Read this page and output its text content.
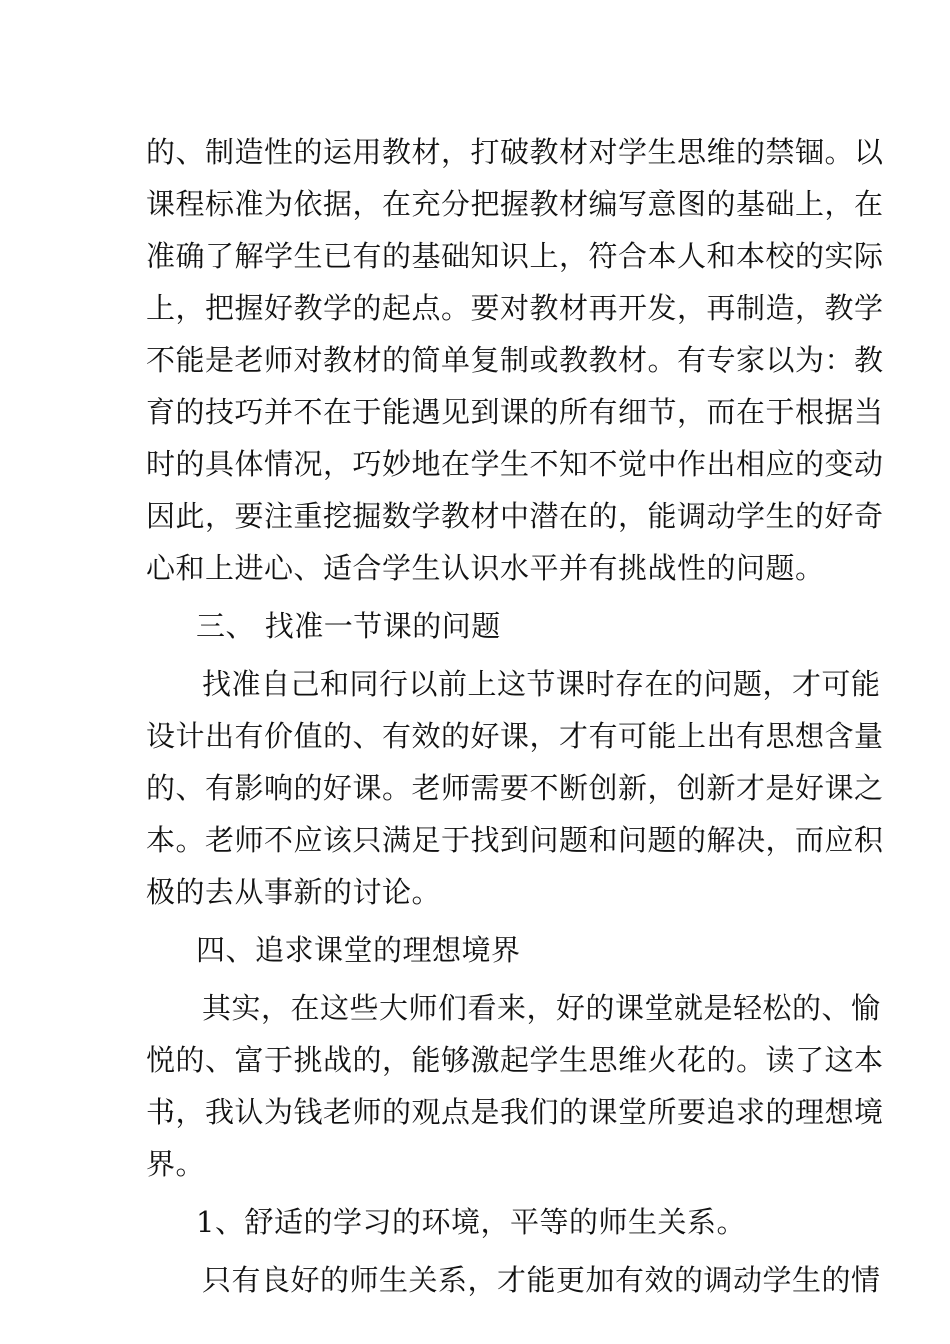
的、制造性的运用教材，打破教材对学生思维的禁锢。以
课程标准为依据，在充分把握教材编写意图的基础上，在
准确了解学生已有的基础知识上，符合本人和本校的实际
上，把握好教学的起点。要对教材再开发，再制造，教学
不能是老师对教材的简单复制或教教材。有专家以为：教
育的技巧并不在于能遇见到课的所有细节，而在于根据当
时的具体情况，巧妙地在学生不知不觉中作出相应的变动
因此，要注重挖掘数学教材中潜在的，能调动学生的好奇
心和上进心、适合学生认识水平并有挑战性的问题。
三、 找准一节课的问题
找准自己和同行以前上这节课时存在的问题，才可能
设计出有价值的、有效的好课，才有可能上出有思想含量
的、有影响的好课。老师需要不断创新，创新才是好课之
本。老师不应该只满足于找到问题和问题的解决，而应积
极的去从事新的讨论。
四、追求课堂的理想境界
其实，在这些大师们看来，好的课堂就是轻松的、愉
悦的、富于挑战的，能够激起学生思维火花的。读了这本
书，我认为钱老师的观点是我们的课堂所要追求的理想境
界。
1、舒适的学习的环境，平等的师生关系。
只有良好的师生关系，才能更加有效的调动学生的情
